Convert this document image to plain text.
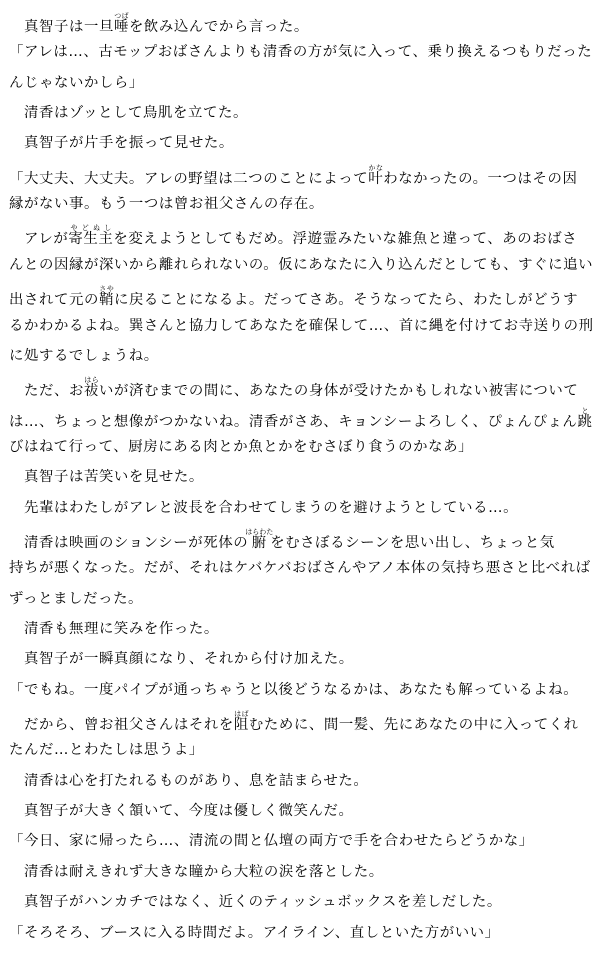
　真智子は一旦唾つばを飲み込んでから言った。
「アレは…、古モップおばさんよりも清香の方が気に入って、乗り換えるつもりだった
んじゃないかしら」
　清香はゾッとして鳥肌を立てた。
　真智子が片手を振って見せた。
「大丈夫、大丈夫。アレの野望は二つのことによって叶かなわなかったの。一つはその因
縁がない事。もう一つは曾お祖父さんの存在。
　アレが寄生主やどぬしを変えようとしてもだめ。浮遊霊みたいな雑魚と違って、あのおばさ
んとの因縁が深いから離れられないの。仮にあなたに入り込んだとしても、すぐに追い
出されて元の鞘さやに戻ることになるよ。だってさあ。そうなってたら、わたしがどうす
るかわかるよね。巽さんと協力してあなたを確保して…、首に縄を付けてお寺送りの刑
に処するでしょうね。
　ただ、お祓はらいが済むまでの間に、あなたの身体が受けたかもしれない被害について
は…、ちょっと想像がつかないね。清香がさあ、キョンシーよろしく、ぴょんぴょん跳と
びはねて行って、厨房にある肉とか魚とかをむさぼり食うのかなあ」
　真智子は苦笑いを見せた。
　先輩はわたしがアレと波長を合わせてしまうのを避けようとしている…。
　清香は映画のションシーが死体の腑はらわたをむさぼるシーンを思い出し、ちょっと気
持ちが悪くなった。だが、それはケバケバおばさんやアノ本体の気持ち悪さと比べれば
ずっとましだった。
　清香も無理に笑みを作った。
　真智子が一瞬真顔になり、それから付け加えた。
「でもね。一度パイプが通っちゃうと以後どうなるかは、あなたも解っているよね。
　だから、曾お祖父さんはそれを阻はばむために、間一髪、先にあなたの中に入ってくれ
たんだ…とわたしは思うよ」
　清香は心を打たれるものがあり、息を詰まらせた。
　真智子が大きく頷いて、今度は優しく微笑んだ。
「今日、家に帰ったら…、清流の間と仏壇の両方で手を合わせたらどうかな」
　清香は耐えきれず大きな瞳から大粒の涙を落とした。
　真智子がハンカチではなく、近くのティッシュボックスを差しだした。
「そろそろ、ブースに入る時間だよ。アイライン、直しといた方がいい」
